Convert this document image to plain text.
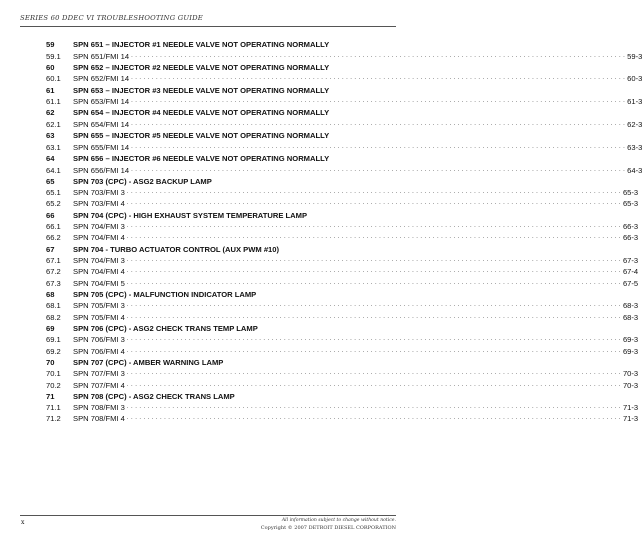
SERIES 60 DDEC VI TROUBLESHOOTING GUIDE
59 SPN 651 – INJECTOR #1 NEEDLE VALVE NOT OPERATING NORMALLY
59.1	SPN 651/FMI 14 . . . . . . . . . . . . . . . . . . . . . . . . . . . . . . . . . . . . . . . . . . . . . . . . . . . . . . . . . . . . . . . . . . . . . . . . . . . . . . . . . . . . . . . . . . . . . . . . . . . . . . . . . . . . . . . . . . . . . . . . 59-3
60 SPN 652 – INJECTOR #2 NEEDLE VALVE NOT OPERATING NORMALLY
60.1	SPN 652/FMI 14 . . . . . . . . . . . . . . . . . . . . . . . . . . . . . . . . . . . . . . . . . . . . . . . . . . . . . . . . . . . . . . . . . . . . . . . . . . . . . . . . . . . . . . . . . . . . . . . . . . . . . . . . . . . . . . . . . . . . . . . . 60-3
61 SPN 653 – INJECTOR #3 NEEDLE VALVE NOT OPERATING NORMALLY
61.1	SPN 653/FMI 14 . . . . . . . . . . . . . . . . . . . . . . . . . . . . . . . . . . . . . . . . . . . . . . . . . . . . . . . . . . . . . . . . . . . . . . . . . . . . . . . . . . . . . . . . . . . . . . . . . . . . . . . . . . . . . . . . . . . . . . . . 61-3
62 SPN 654 – INJECTOR #4 NEEDLE VALVE NOT OPERATING NORMALLY
62.1	SPN 654/FMI 14 . . . . . . . . . . . . . . . . . . . . . . . . . . . . . . . . . . . . . . . . . . . . . . . . . . . . . . . . . . . . . . . . . . . . . . . . . . . . . . . . . . . . . . . . . . . . . . . . . . . . . . . . . . . . . . . . . . . . . . . . 62-3
63 SPN 655 – INJECTOR #5 NEEDLE VALVE NOT OPERATING NORMALLY
63.1	SPN 655/FMI 14 . . . . . . . . . . . . . . . . . . . . . . . . . . . . . . . . . . . . . . . . . . . . . . . . . . . . . . . . . . . . . . . . . . . . . . . . . . . . . . . . . . . . . . . . . . . . . . . . . . . . . . . . . . . . . . . . . . . . . . . . 63-3
64 SPN 656 – INJECTOR #6 NEEDLE VALVE NOT OPERATING NORMALLY
64.1	SPN 656/FMI 14 . . . . . . . . . . . . . . . . . . . . . . . . . . . . . . . . . . . . . . . . . . . . . . . . . . . . . . . . . . . . . . . . . . . . . . . . . . . . . . . . . . . . . . . . . . . . . . . . . . . . . . . . . . . . . . . . . . . . . . . . 64-3
65 SPN 703 (CPC) - ASG2 BACKUP LAMP
65.1	SPN 703/FMI 3 . . . . . . . . . . . . . . . . . . . . . . . . . . . . . . . . . . . . . . . . . . . . . . . . . . . . . . . . . . . . . . . . . . . . . . . . . . . . . . . . . . . . . . . . . . . . . . . . . . . . . . . . . . . . . . . . . . . . . . . . 65-3
65.2	SPN 703/FMI 4 . . . . . . . . . . . . . . . . . . . . . . . . . . . . . . . . . . . . . . . . . . . . . . . . . . . . . . . . . . . . . . . . . . . . . . . . . . . . . . . . . . . . . . . . . . . . . . . . . . . . . . . . . . . . . . . . . . . . . . . . 65-3
66 SPN 704 (CPC) - HIGH EXHAUST SYSTEM TEMPERATURE LAMP
66.1	SPN 704/FMI 3 . . . . . . . . . . . . . . . . . . . . . . . . . . . . . . . . . . . . . . . . . . . . . . . . . . . . . . . . . . . . . . . . . . . . . . . . . . . . . . . . . . . . . . . . . . . . . . . . . . . . . . . . . . . . . . . . . . . . . . . . 66-3
66.2	SPN 704/FMI 4 . . . . . . . . . . . . . . . . . . . . . . . . . . . . . . . . . . . . . . . . . . . . . . . . . . . . . . . . . . . . . . . . . . . . . . . . . . . . . . . . . . . . . . . . . . . . . . . . . . . . . . . . . . . . . . . . . . . . . . . . 66-3
67 SPN 704 - TURBO ACTUATOR CONTROL (AUX PWM #10)
67.1	SPN 704/FMI 3 . . . . . . . . . . . . . . . . . . . . . . . . . . . . . . . . . . . . . . . . . . . . . . . . . . . . . . . . . . . . . . . . . . . . . . . . . . . . . . . . . . . . . . . . . . . . . . . . . . . . . . . . . . . . . . . . . . . . . . . . 67-3
67.2	SPN 704/FMI 4 . . . . . . . . . . . . . . . . . . . . . . . . . . . . . . . . . . . . . . . . . . . . . . . . . . . . . . . . . . . . . . . . . . . . . . . . . . . . . . . . . . . . . . . . . . . . . . . . . . . . . . . . . . . . . . . . . . . . . . . . 67-4
67.3	SPN 704/FMI 5 . . . . . . . . . . . . . . . . . . . . . . . . . . . . . . . . . . . . . . . . . . . . . . . . . . . . . . . . . . . . . . . . . . . . . . . . . . . . . . . . . . . . . . . . . . . . . . . . . . . . . . . . . . . . . . . . . . . . . . . . 67-5
68 SPN 705 (CPC) - MALFUNCTION INDICATOR LAMP
68.1	SPN 705/FMI 3 . . . . . . . . . . . . . . . . . . . . . . . . . . . . . . . . . . . . . . . . . . . . . . . . . . . . . . . . . . . . . . . . . . . . . . . . . . . . . . . . . . . . . . . . . . . . . . . . . . . . . . . . . . . . . . . . . . . . . . . . 68-3
68.2	SPN 705/FMI 4 . . . . . . . . . . . . . . . . . . . . . . . . . . . . . . . . . . . . . . . . . . . . . . . . . . . . . . . . . . . . . . . . . . . . . . . . . . . . . . . . . . . . . . . . . . . . . . . . . . . . . . . . . . . . . . . . . . . . . . . . 68-3
69 SPN 706 (CPC) - ASG2 CHECK TRANS TEMP LAMP
69.1	SPN 706/FMI 3 . . . . . . . . . . . . . . . . . . . . . . . . . . . . . . . . . . . . . . . . . . . . . . . . . . . . . . . . . . . . . . . . . . . . . . . . . . . . . . . . . . . . . . . . . . . . . . . . . . . . . . . . . . . . . . . . . . . . . . . . 69-3
69.2	SPN 706/FMI 4 . . . . . . . . . . . . . . . . . . . . . . . . . . . . . . . . . . . . . . . . . . . . . . . . . . . . . . . . . . . . . . . . . . . . . . . . . . . . . . . . . . . . . . . . . . . . . . . . . . . . . . . . . . . . . . . . . . . . . . . . 69-3
70 SPN 707 (CPC) - AMBER WARNING LAMP
70.1	SPN 707/FMI 3 . . . . . . . . . . . . . . . . . . . . . . . . . . . . . . . . . . . . . . . . . . . . . . . . . . . . . . . . . . . . . . . . . . . . . . . . . . . . . . . . . . . . . . . . . . . . . . . . . . . . . . . . . . . . . . . . . . . . . . . . 70-3
70.2	SPN 707/FMI 4 . . . . . . . . . . . . . . . . . . . . . . . . . . . . . . . . . . . . . . . . . . . . . . . . . . . . . . . . . . . . . . . . . . . . . . . . . . . . . . . . . . . . . . . . . . . . . . . . . . . . . . . . . . . . . . . . . . . . . . . . 70-3
71 SPN 708 (CPC) - ASG2 CHECK TRANS LAMP
71.1	SPN 708/FMI 3 . . . . . . . . . . . . . . . . . . . . . . . . . . . . . . . . . . . . . . . . . . . . . . . . . . . . . . . . . . . . . . . . . . . . . . . . . . . . . . . . . . . . . . . . . . . . . . . . . . . . . . . . . . . . . . . . . . . . . . . . 71-3
71.2	SPN 708/FMI 4 . . . . . . . . . . . . . . . . . . . . . . . . . . . . . . . . . . . . . . . . . . . . . . . . . . . . . . . . . . . . . . . . . . . . . . . . . . . . . . . . . . . . . . . . . . . . . . . . . . . . . . . . . . . . . . . . . . . . . . . . 71-3
x	All information subject to change without notice.
Copyright © 2007 DETROIT DIESEL CORPORATION
